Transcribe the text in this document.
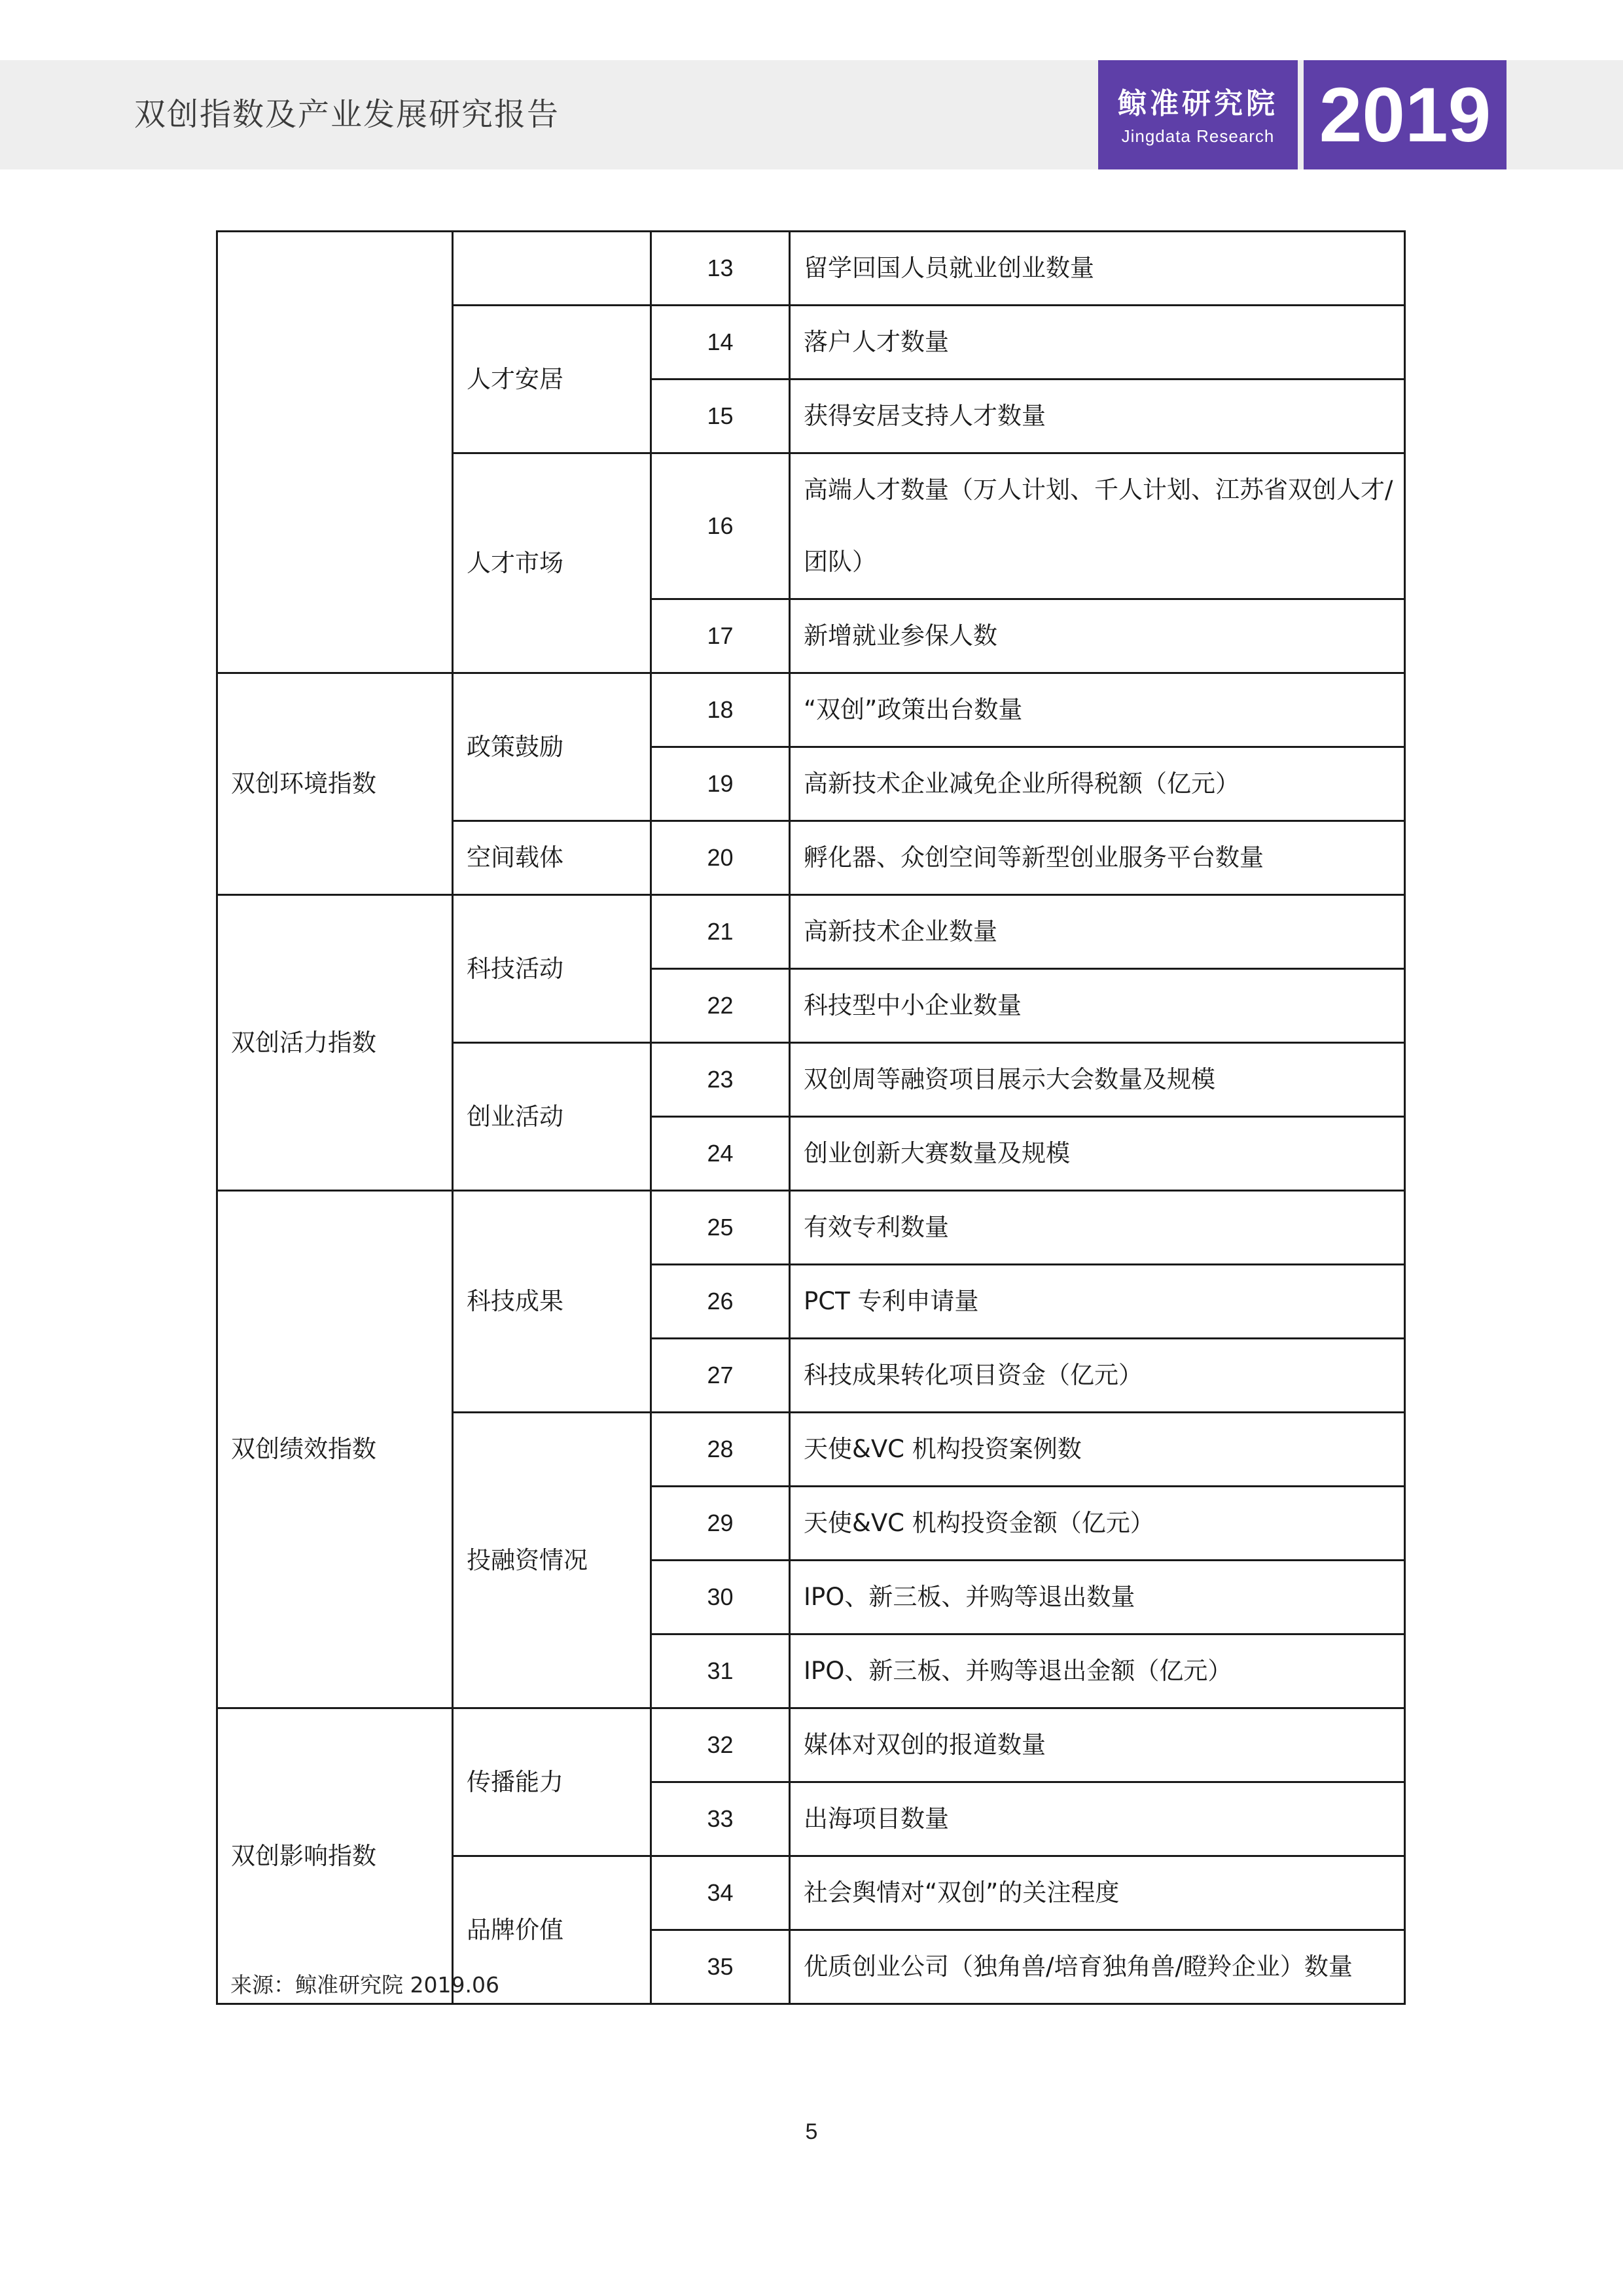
双创指数及产业发展研究报告	鲸准研究院
Jingdata Research 2019
		13	留学回国人员就业创业数量
	人才安居	14	落户人才数量
		15	获得安居支持人才数量
	人才市场	16	高端人才数量（万人计划、千人计划、江苏省双创人才/团队）
		17	新增就业参保人数
双创环境指数	政策鼓励	18	“双创”政策出台数量
		19	高新技术企业减免企业所得税额（亿元）
	空间载体	20	孵化器、众创空间等新型创业服务平台数量
双创活力指数	科技活动	21	高新技术企业数量
		22	科技型中小企业数量
	创业活动	23	双创周等融资项目展示大会数量及规模
		24	创业创新大赛数量及规模
双创绩效指数	科技成果	25	有效专利数量
		26	PCT 专利申请量
		27	科技成果转化项目资金（亿元）
	投融资情况	28	天使&VC 机构投资案例数
		29	天使&VC 机构投资金额（亿元）
		30	IPO、新三板、并购等退出数量
		31	IPO、新三板、并购等退出金额（亿元）
双创影响指数	传播能力	32	媒体对双创的报道数量
		33	出海项目数量
	品牌价值	34	社会舆情对“双创”的关注程度
		35	优质创业公司（独角兽/培育独角兽/瞪羚企业）数量
来源：鲸准研究院 2019.06
5
